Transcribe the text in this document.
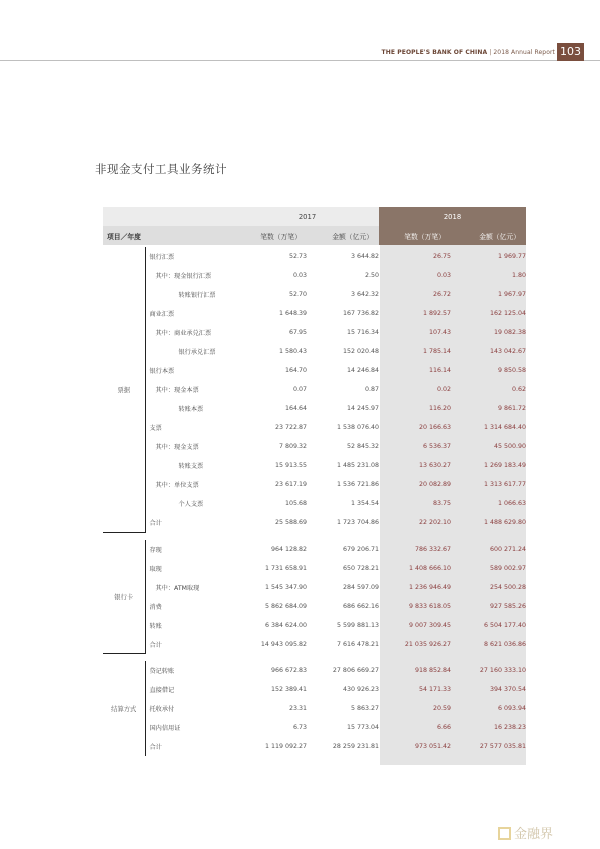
THE PEOPLE'S BANK OF CHINA | 2018 Annual Report 103
非现金支付工具业务统计
		2017		2018	
项目／年度		笔数（万笔）	金额（亿元）	笔数（万笔）	金额（亿元）

票据	银行汇票	52.73	3 644.82	26.75	1 969.77
	其中：现金银行汇票	0.03	2.50	0.03	1.80
	转账银行汇票	52.70	3 642.32	26.72	1 967.97
	商业汇票	1 648.39	167 736.82	1 892.57	162 125.04
	其中：商业承兑汇票	67.95	15 716.34	107.43	19 082.38
	银行承兑汇票	1 580.43	152 020.48	1 785.14	143 042.67
	银行本票	164.70	14 246.84	116.14	9 850.58
	其中：现金本票	0.07	0.87	0.02	0.62
	转账本票	164.64	14 245.97	116.20	9 861.72
	支票	23 722.87	1 538 076.40	20 166.63	1 314 684.40
	其中：现金支票	7 809.32	52 845.32	6 536.37	45 500.90
	转账支票	15 913.55	1 485 231.08	13 630.27	1 269 183.49
	其中：单位支票	23 617.19	1 536 721.86	20 082.89	1 313 617.77
	个人支票	105.68	1 354.54	83.75	1 066.63
	合计	25 588.69	1 723 704.86	22 202.10	1 488 629.80

银行卡	存现	964 128.82	679 206.71	786 332.67	600 271.24
	取现	1 731 658.91	650 728.21	1 408 666.10	589 002.97
	其中：ATM取现	1 545 347.90	284 597.09	1 236 946.49	254 500.28
	消费	5 862 684.09	686 662.16	9 833 618.05	927 585.26
	转账	6 384 624.00	5 599 881.13	9 007 309.45	6 504 177.40
	合计	14 943 095.82	7 616 478.21	21 035 926.27	8 621 036.86

结算方式	贷记转账	966 672.83	27 806 669.27	918 852.84	27 160 333.10
	直接借记	152 389.41	430 926.23	54 171.33	394 370.54
	托收承付	23.31	5 863.27	20.59	6 093.94
	国内信用证	6.73	15 773.04	6.66	16 238.23
	合计	1 119 092.27	28 259 231.81	973 051.42	27 577 035.81
金融界
